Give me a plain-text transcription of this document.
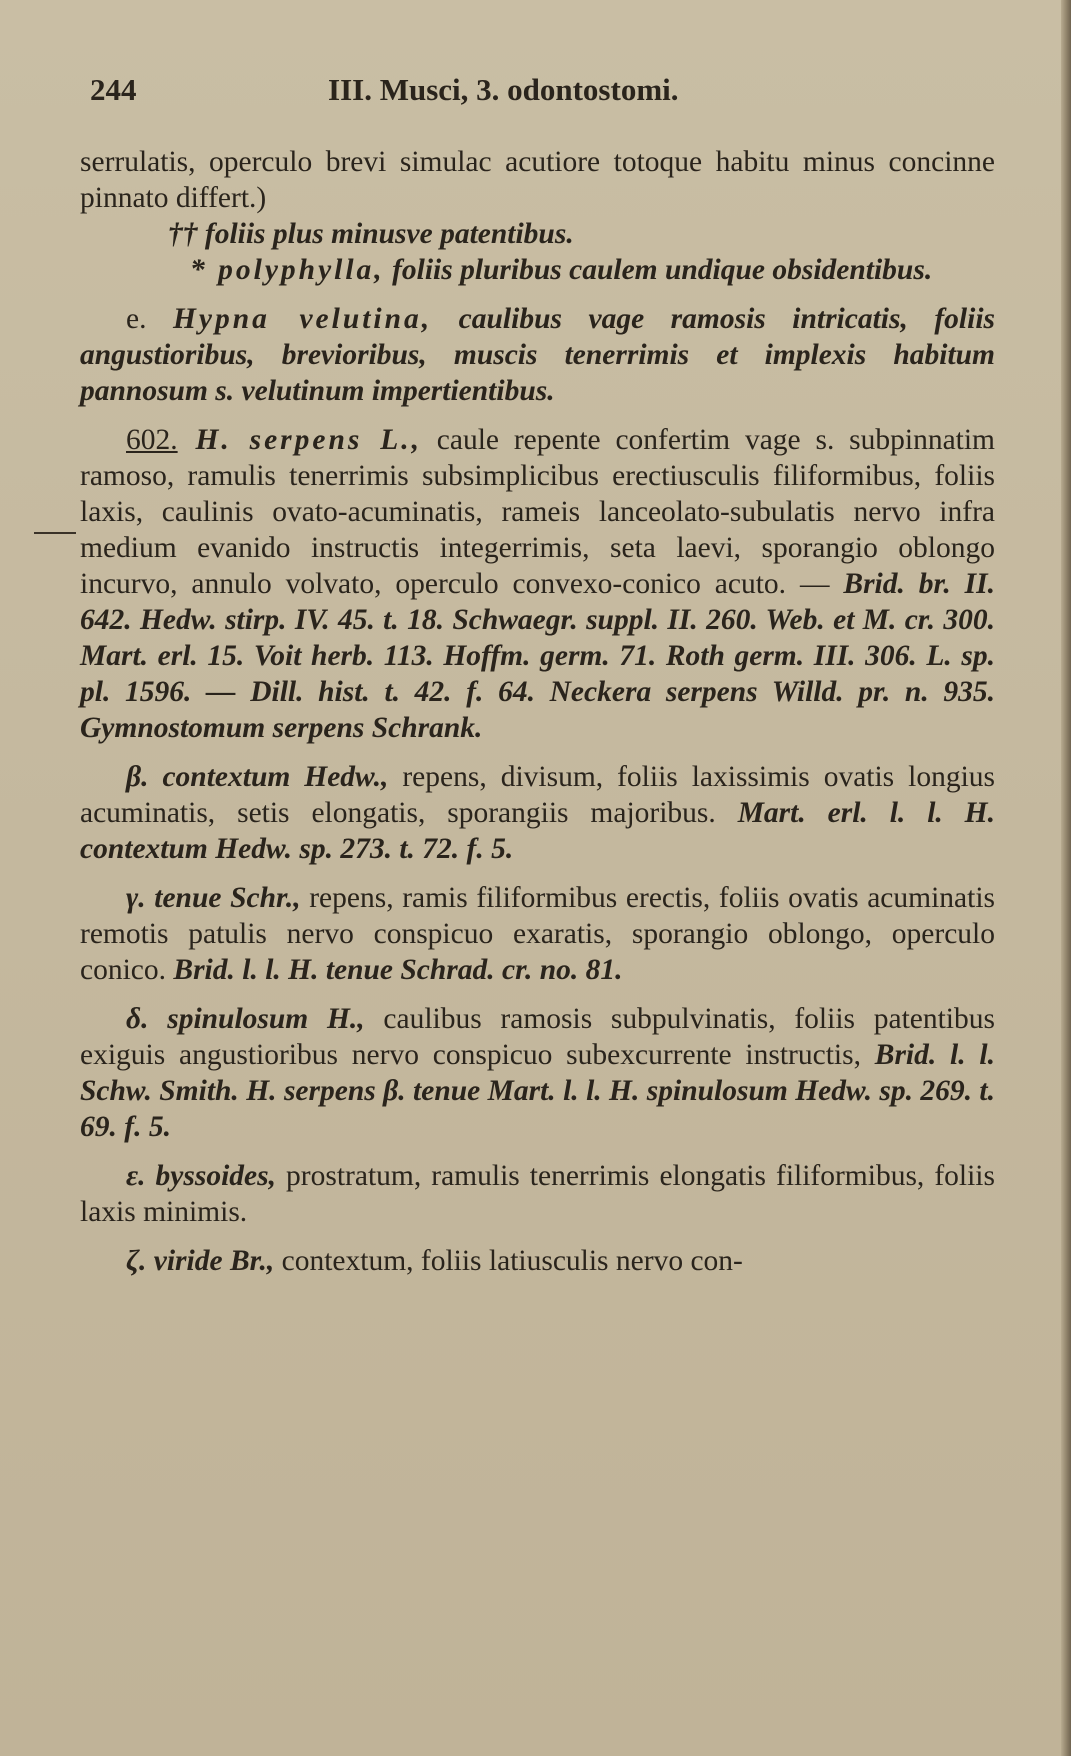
244	III. Musci, 3. odontostomi.

serrulatis, operculo brevi simulac acutiore totoque habitu minus concinne pinnato differt.)

†† foliis plus minusve patentibus.

* polyphylla, foliis pluribus caulem undique obsidentibus.

e. Hypna velutina, caulibus vage ramosis intricatis, foliis angustioribus, brevioribus, muscis tenerrimis et implexis habitum pannosum s. velutinum impertientibus.

602. H. serpens L., caule repente confertim vage s. subpinnatim ramoso, ramulis tenerrimis subsimplicibus erectiusculis filiformibus, foliis laxis, caulinis ovato-acuminatis, rameis lanceolato-subulatis nervo infra medium evanido instructis integerrimis, seta laevi, sporangio oblongo incurvo, annulo volvato, operculo convexo-conico acuto. — Brid. br. II. 642. Hedw. stirp. IV. 45. t. 18. Schwaegr. suppl. II. 260. Web. et M. cr. 300. Mart. erl. 15. Voit herb. 113. Hoffm. germ. 71. Roth germ. III. 306. L. sp. pl. 1596. — Dill. hist. t. 42. f. 64. Neckera serpens Willd. pr. n. 935. Gymnostomum serpens Schrank.

β. contextum Hedw., repens, divisum, foliis laxissimis ovatis longius acuminatis, setis elongatis, sporangiis majoribus. Mart. erl. l. l. H. contextum Hedw. sp. 273. t. 72. f. 5.

γ. tenue Schr., repens, ramis filiformibus erectis, foliis ovatis acuminatis remotis patulis nervo conspicuo exaratis, sporangio oblongo, operculo conico. Brid. l. l. H. tenue Schrad. cr. no. 81.

δ. spinulosum H., caulibus ramosis subpulvinatis, foliis patentibus exiguis angustioribus nervo conspicuo subexcurrente instructis, Brid. l. l. Schw. Smith. H. serpens β. tenue Mart. l. l. H. spinulosum Hedw. sp. 269. t. 69. f. 5.

ε. byssoides, prostratum, ramulis tenerrimis elongatis filiformibus, foliis laxis minimis.

ζ. viride Br., contextum, foliis latiusculis nervo con-
